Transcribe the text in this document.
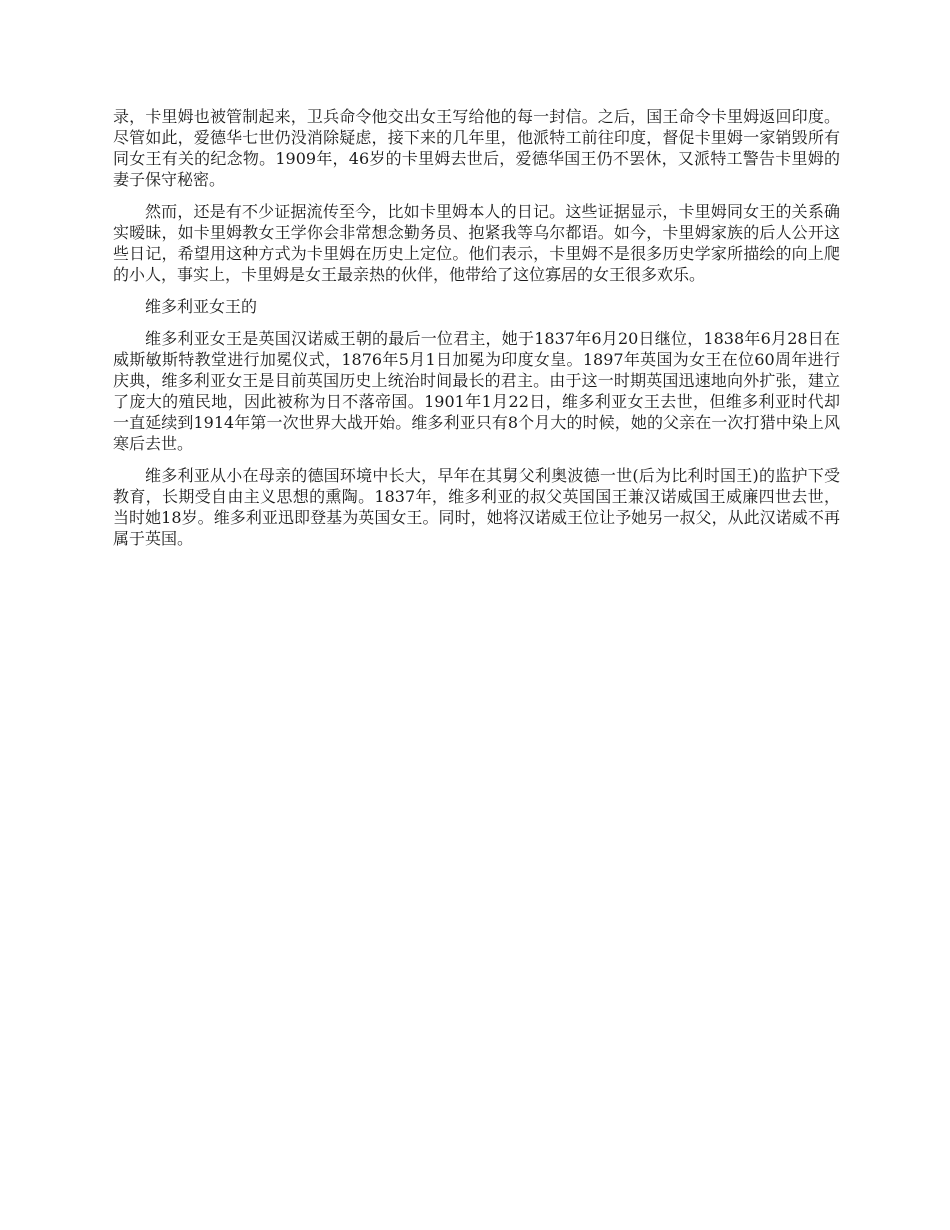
录，卡里姆也被管制起来，卫兵命令他交出女王写给他的每一封信。之后，国王命令卡里姆返回印度。尽管如此，爱德华七世仍没消除疑虑，接下来的几年里，他派特工前往印度，督促卡里姆一家销毁所有同女王有关的纪念物。1909年，46岁的卡里姆去世后，爱德华国王仍不罢休，又派特工警告卡里姆的妻子保守秘密。

然而，还是有不少证据流传至今，比如卡里姆本人的日记。这些证据显示，卡里姆同女王的关系确实暧昧，如卡里姆教女王学你会非常想念勤务员、抱紧我等乌尔都语。如今，卡里姆家族的后人公开这些日记，希望用这种方式为卡里姆在历史上定位。他们表示，卡里姆不是很多历史学家所描绘的向上爬的小人，事实上，卡里姆是女王最亲热的伙伴，他带给了这位寡居的女王很多欢乐。

维多利亚女王的

维多利亚女王是英国汉诺威王朝的最后一位君主，她于1837年6月20日继位，1838年6月28日在威斯敏斯特教堂进行加冕仪式，1876年5月1日加冕为印度女皇。1897年英国为女王在位60周年进行庆典，维多利亚女王是目前英国历史上统治时间最长的君主。由于这一时期英国迅速地向外扩张，建立了庞大的殖民地，因此被称为日不落帝国。1901年1月22日，维多利亚女王去世，但维多利亚时代却一直延续到1914年第一次世界大战开始。维多利亚只有8个月大的时候，她的父亲在一次打猎中染上风寒后去世。

维多利亚从小在母亲的德国环境中长大，早年在其舅父利奥波德一世(后为比利时国王)的监护下受教育，长期受自由主义思想的熏陶。1837年，维多利亚的叔父英国国王兼汉诺威国王威廉四世去世，当时她18岁。维多利亚迅即登基为英国女王。同时，她将汉诺威王位让予她另一叔父，从此汉诺威不再属于英国。
